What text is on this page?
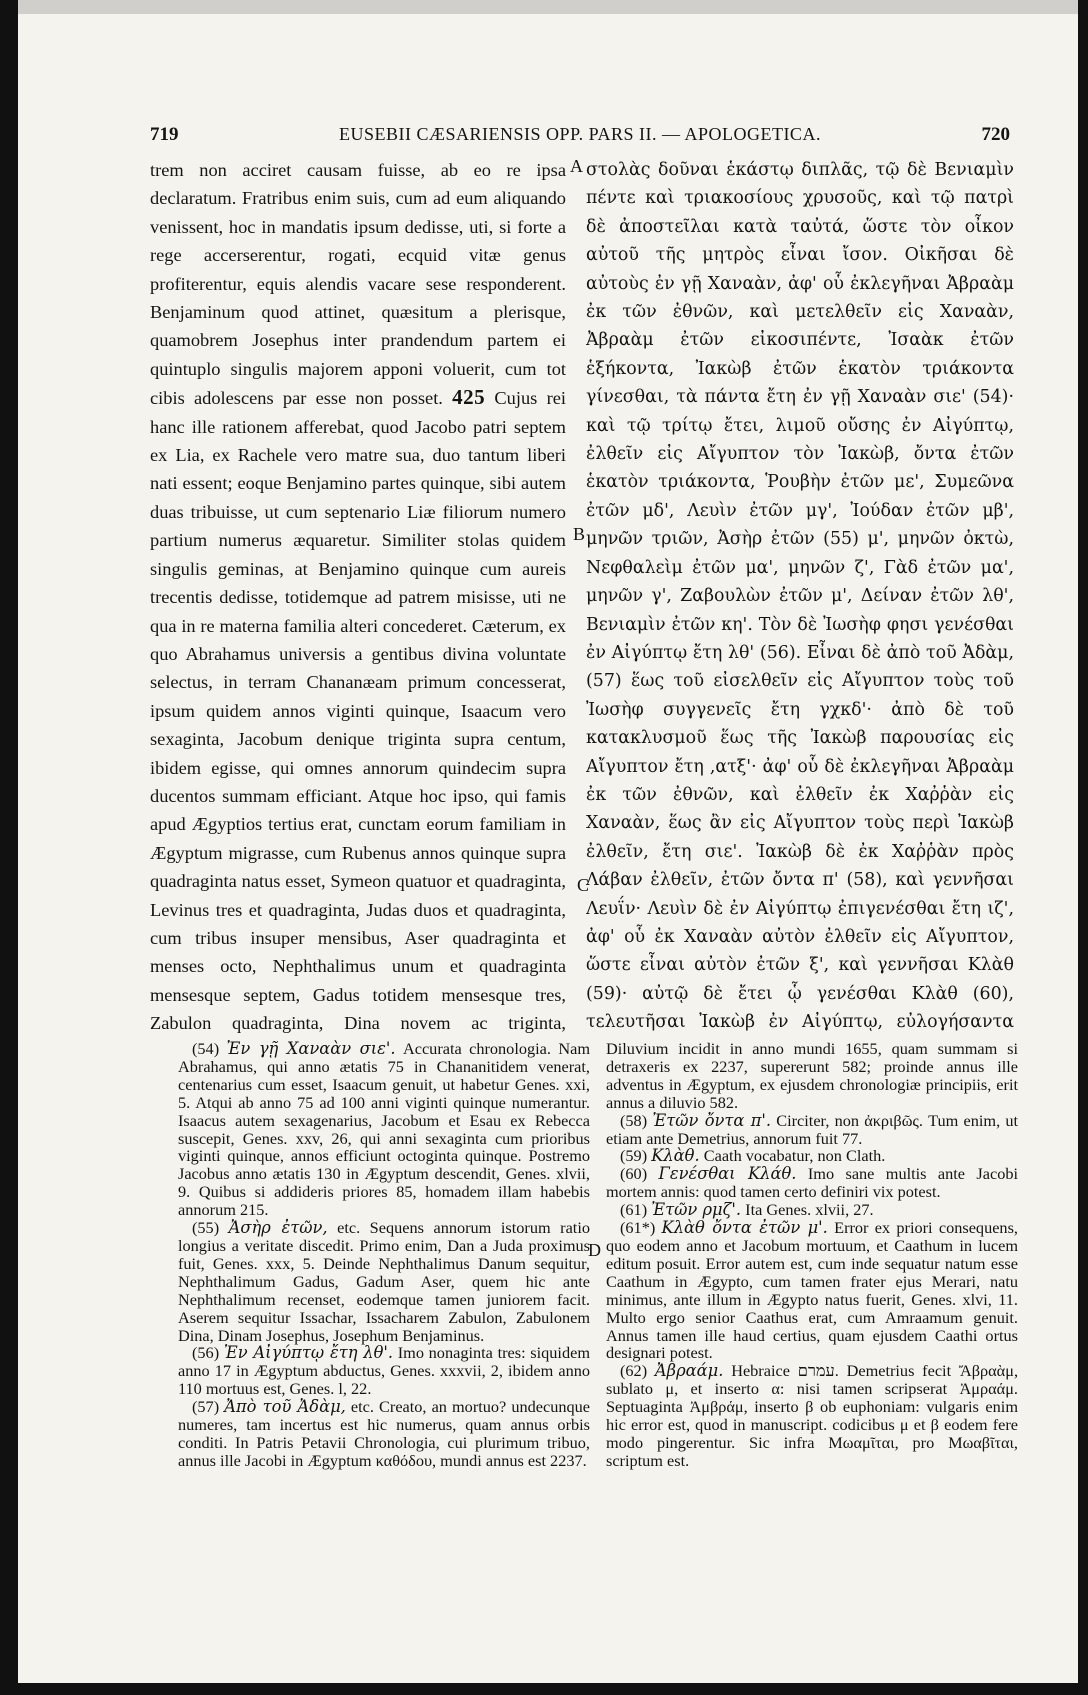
719	EUSEBII CÆSARIENSIS OPP. PARS II. — APOLOGETICA.	720
A
B
C
D

trem non acciret causam fuisse, ab eo re ipsa declaratum. Fratribus enim suis, cum ad eum aliquando venissent, hoc in mandatis ipsum dedisse, uti, si forte a rege accerserentur, rogati, ecquid vitæ genus profiterentur, equis alendis vacare sese responderent. Benjaminum quod attinet, quæsitum a plerisque, quamobrem Josephus inter prandendum partem ei quintuplo singulis majorem apponi voluerit, cum tot cibis adolescens par esse non posset. 425 Cujus rei hanc ille rationem afferebat, quod Jacobo patri septem ex Lia, ex Rachele vero matre sua, duo tantum liberi nati essent; eoque Benjamino partes quinque, sibi autem duas tribuisse, ut cum septenario Liæ filiorum numero partium numerus æquaretur. Similiter stolas quidem singulis geminas, at Benjamino quinque cum aureis trecentis dedisse, totidemque ad patrem misisse, uti ne qua in re materna familia alteri concederet. Cæterum, ex quo Abrahamus universis a gentibus divina voluntate selectus, in terram Chananæam primum concesserat, ipsum quidem annos viginti quinque, Isaacum vero sexaginta, Jacobum denique triginta supra centum, ibidem egisse, qui omnes annorum quindecim supra ducentos summam efficiant. Atque hoc ipso, qui famis apud Ægyptios tertius erat, cunctam eorum familiam in Ægyptum migrasse, cum Rubenus annos quinque supra quadraginta natus esset, Symeon quatuor et quadraginta, Levinus tres et quadraginta, Judas duos et quadraginta, cum tribus insuper mensibus, Aser quadraginta et menses octo, Nephthalimus unum et quadraginta mensesque septem, Gadus totidem mensesque tres, Zabulon quadraginta, Dina novem ac triginta,

στολὰς δοῦναι ἑκάστῳ διπλᾶς, τῷ δὲ Βενιαμὶν πέντε καὶ τριακοσίους χρυσοῦς, καὶ τῷ πατρὶ δὲ ἀποστεῖλαι κατὰ ταὐτά, ὥστε τὸν οἶκον αὐτοῦ τῆς μητρὸς εἶναι ἴσον. Οἰκῆσαι δὲ αὐτοὺς ἐν γῇ Χαναὰν, ἀφ' οὗ ἐκλεγῆναι Ἀβραὰμ ἐκ τῶν ἐθνῶν, καὶ μετελθεῖν εἰς Χαναὰν, Ἀβραὰμ ἐτῶν εἰκοσιπέντε, Ἰσαὰκ ἐτῶν ἑξήκοντα, Ἰακὼβ ἐτῶν ἑκατὸν τριάκοντα γίνεσθαι, τὰ πάντα ἔτη ἐν γῇ Χαναὰν σιε' (54)· καὶ τῷ τρίτῳ ἔτει, λιμοῦ οὔσης ἐν Αἰγύπτῳ, ἐλθεῖν εἰς Αἴγυπτον τὸν Ἰακὼβ, ὄντα ἐτῶν ἑκατὸν τριάκοντα, Ῥουβὴν ἐτῶν με', Συμεῶνα ἐτῶν μδ', Λευὶν ἐτῶν μγ', Ἰούδαν ἐτῶν μβ', μηνῶν τριῶν, Ἀσὴρ ἐτῶν (55) μ', μηνῶν ὀκτὼ, Νεφθαλεὶμ ἐτῶν μα', μηνῶν ζ', Γὰδ ἐτῶν μα', μηνῶν γ', Ζαβουλὼν ἐτῶν μ', Δείναν ἐτῶν λθ', Βενιαμὶν ἐτῶν κη'. Τὸν δὲ Ἰωσὴφ φησι γενέσθαι ἐν Αἰγύπτῳ ἔτη λθ' (56). Εἶναι δὲ ἀπὸ τοῦ Ἀδὰμ, (57) ἕως τοῦ εἰσελθεῖν εἰς Αἴγυπτον τοὺς τοῦ Ἰωσὴφ συγγενεῖς ἔτη γχκδ'· ἀπὸ δὲ τοῦ κατακλυσμοῦ ἕως τῆς Ἰακὼβ παρουσίας εἰς Αἴγυπτον ἔτη ,ατξ'· ἀφ' οὗ δὲ ἐκλεγῆναι Ἀβραὰμ ἐκ τῶν ἐθνῶν, καὶ ἐλθεῖν ἐκ Χαῤῥὰν εἰς Χαναὰν, ἕως ἂν εἰς Αἴγυπτον τοὺς περὶ Ἰακὼβ ἐλθεῖν, ἔτη σιε'. Ἰακὼβ δὲ ἐκ Χαῤῥὰν πρὸς Λάβαν ἐλθεῖν, ἐτῶν ὄντα π' (58), καὶ γεννῆσαι Λευΐν· Λευὶν δὲ ἐν Αἰγύπτῳ ἐπιγενέσθαι ἔτη ιζ', ἀφ' οὗ ἐκ Χαναὰν αὐτὸν ἐλθεῖν εἰς Αἴγυπτον, ὥστε εἶναι αὐτὸν ἐτῶν ξ', καὶ γεννῆσαι Κλὰθ (59)· αὐτῷ δὲ ἔτει ᾧ γενέσθαι Κλὰθ (60), τελευτῆσαι Ἰακὼβ ἐν Αἰγύπτῳ, εὐλογήσαντα

(54) Ἐν γῇ Χαναὰν σιε'. Accurata chronologia. Nam Abrahamus, qui anno ætatis 75 in Chananitidem venerat, centenarius cum esset, Isaacum genuit, ut habetur Genes. xxi, 5. Atqui ab anno 75 ad 100 anni viginti quinque numerantur. Isaacus autem sexagenarius, Jacobum et Esau ex Rebecca suscepit, Genes. xxv, 26, qui anni sexaginta cum prioribus viginti quinque, annos efficiunt octoginta quinque. Postremo Jacobus anno ætatis 130 in Ægyptum descendit, Genes. xlvii, 9. Quibus si addideris priores 85, homadem illam habebis annorum 215.

(55) Ἀσὴρ ἐτῶν, etc. Sequens annorum istorum ratio longius a veritate discedit. Primo enim, Dan a Juda proximus fuit, Genes. xxx, 5. Deinde Nephthalimus Danum sequitur, Nephthalimum Gadus, Gadum Aser, quem hic ante Nephthalimum recenset, eodemque tamen juniorem facit. Aserem sequitur Issachar, Issacharem Zabulon, Zabulonem Dina, Dinam Josephus, Josephum Benjaminus.

(56) Ἐν Αἰγύπτῳ ἔτη λθ'. Imo nonaginta tres: siquidem anno 17 in Ægyptum abductus, Genes. xxxvii, 2, ibidem anno 110 mortuus est, Genes. l, 22.

(57) Ἀπὸ τοῦ Ἀδὰμ, etc. Creato, an mortuo? undecunque numeres, tam incertus est hic numerus, quam annus orbis conditi. In Patris Petavii Chronologia, cui plurimum tribuo, annus ille Jacobi in Ægyptum καθόδου, mundi annus est 2237.

Diluvium incidit in anno mundi 1655, quam summam si detraxeris ex 2237, supererunt 582; proinde annus ille adventus in Ægyptum, ex ejusdem chronologiæ principiis, erit annus a diluvio 582.

(58) Ἐτῶν ὄντα π'. Circiter, non ἀκριβῶς. Tum enim, ut etiam ante Demetrius, annorum fuit 77.

(59) Κλὰθ. Caath vocabatur, non Clath.

(60) Γενέσθαι Κλάθ. Imo sane multis ante Jacobi mortem annis: quod tamen certo definiri vix potest.

(61) Ἐτῶν ρμζ'. Ita Genes. xlvii, 27.

(61*) Κλὰθ ὄντα ἐτῶν μ'. Error ex priori consequens, quo eodem anno et Jacobum mortuum, et Caathum in lucem editum posuit. Error autem est, cum inde sequatur natum esse Caathum in Ægypto, cum tamen frater ejus Merari, natu minimus, ante illum in Ægypto natus fuerit, Genes. xlvi, 11. Multo ergo senior Caathus erat, cum Amraamum genuit. Annus tamen ille haud certius, quam ejusdem Caathi ortus designari potest.

(62) Ἀβραάμ. Hebraice עמרם. Demetrius fecit Ἄβραὰμ, sublato μ, et inserto α: nisi tamen scripserat Ἀμραάμ. Septuaginta Ἀμβράμ, inserto β ob euphoniam: vulgaris enim hic error est, quod in manuscript. codicibus μ et β eodem fere modo pingerentur. Sic infra Μωαμῖται, pro Μωαβῖται, scriptum est.
